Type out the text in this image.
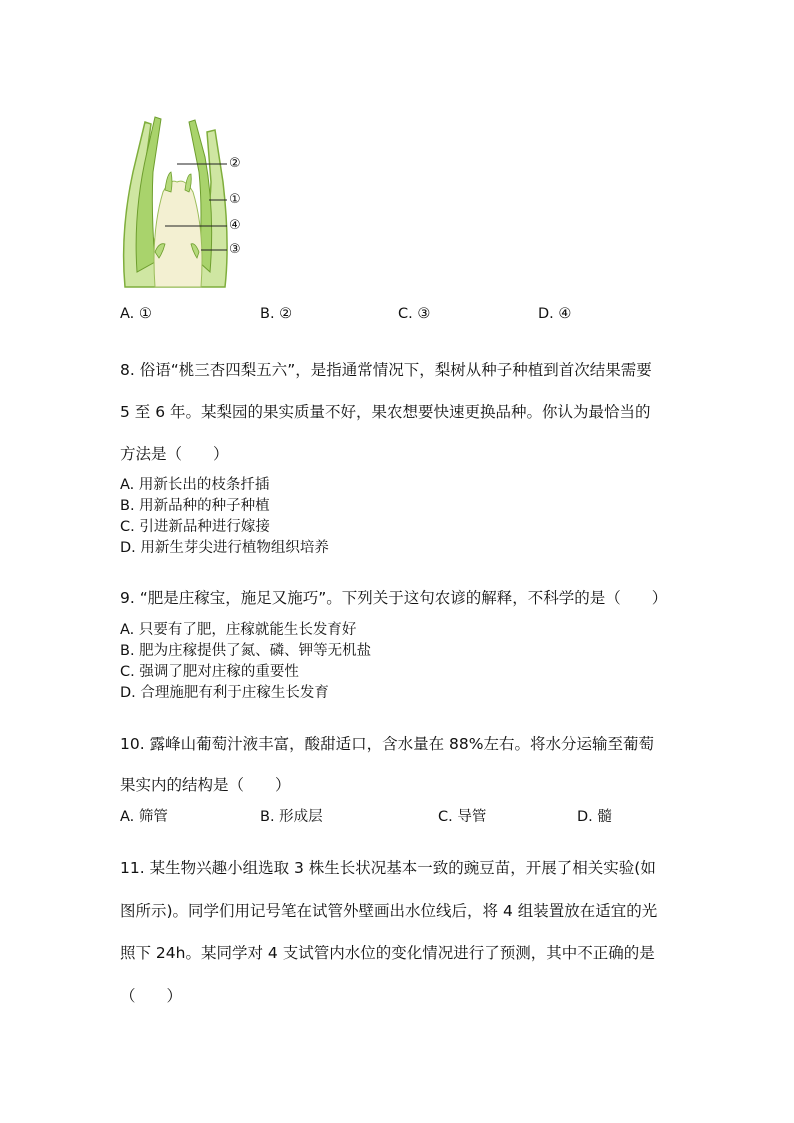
②
①
④
③
A. ①	B. ②	C. ③	D. ④
8. 俗语“桃三杏四梨五六”，是指通常情况下，梨树从种子种植到首次结果需要
5 至 6 年。某梨园的果实质量不好，果农想要快速更换品种。你认为最恰当的
方法是（　　）
A. 用新长出的枝条扦插
B. 用新品种的种子种植
C. 引进新品种进行嫁接
D. 用新生芽尖进行植物组织培养
9. “肥是庄稼宝，施足又施巧”。下列关于这句农谚的解释，不科学的是（　　）
A. 只要有了肥，庄稼就能生长发育好
B. 肥为庄稼提供了氮、磷、钾等无机盐
C. 强调了肥对庄稼的重要性
D. 合理施肥有利于庄稼生长发育
10. 露峰山葡萄汁液丰富，酸甜适口，含水量在 88%左右。将水分运输至葡萄
果实内的结构是（　　）
A. 筛管	B. 形成层	C. 导管	D. 髓
11. 某生物兴趣小组选取 3 株生长状况基本一致的豌豆苗，开展了相关实验(如
图所示)。同学们用记号笔在试管外壁画出水位线后，将 4 组装置放在适宜的光
照下 24h。某同学对 4 支试管内水位的变化情况进行了预测，其中不正确的是
（　　）
